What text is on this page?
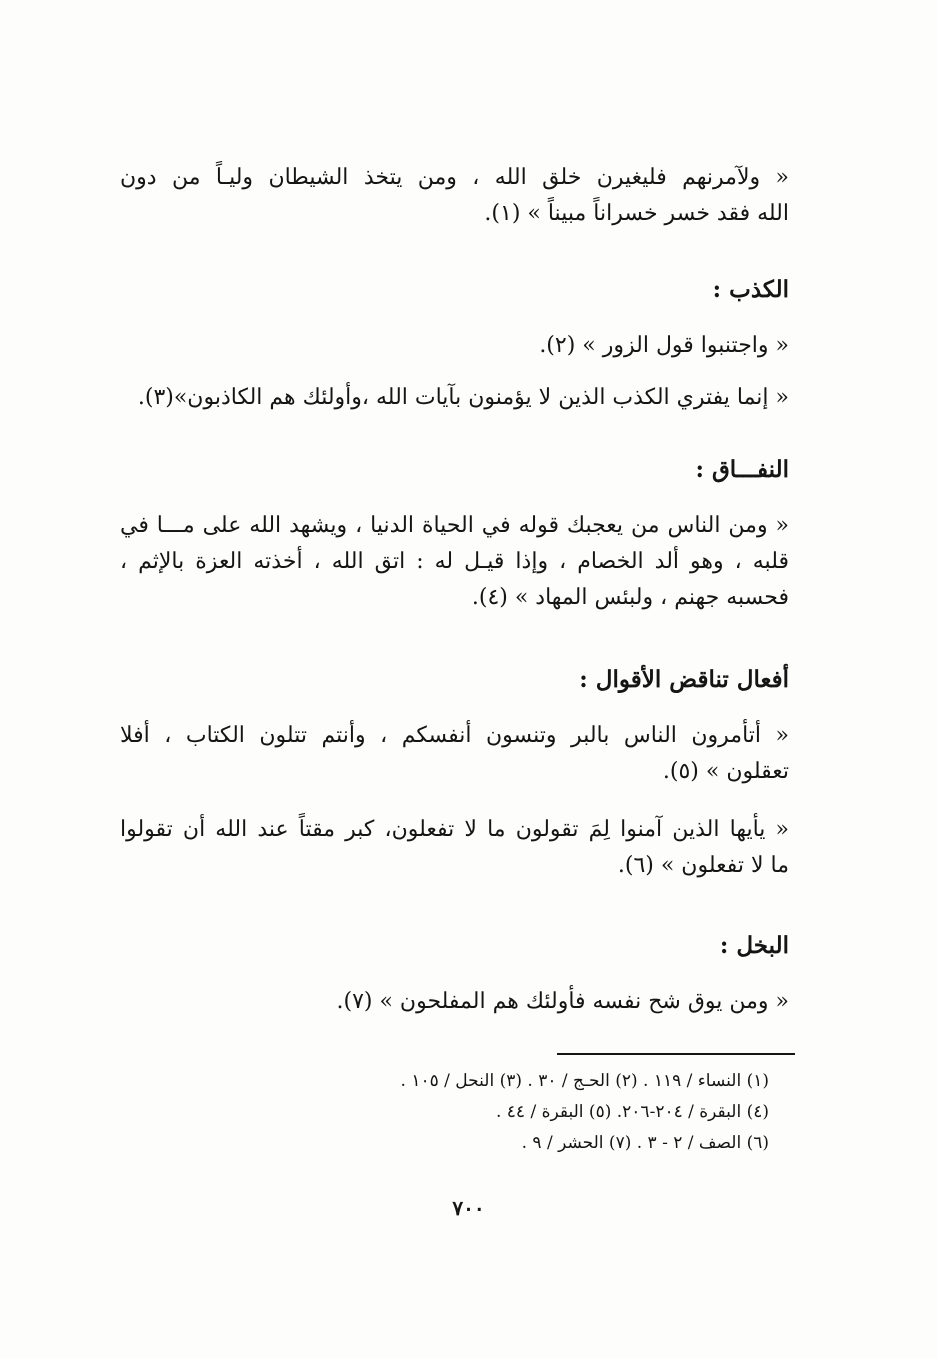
« ولآمرنهم فليغيرن خلق الله ، ومن يتخذ الشيطان وليـاً من دون
الله فقد خسر خسراناً مبيناً » (١).
الكذب :
« واجتنبوا قول الزور » (٢).
« إنما يفتري الكذب الذين لا يؤمنون بآيات الله ،وأولئك هم الكاذبون»(٣).
النفـــاق :
« ومن الناس من يعجبك قوله في الحياة الدنيا ، ويشهد الله على مـــا في
قلبه ، وهو ألد الخصام ، وإذا قيـل له : اتق الله ، أخذته العزة بالإثم ،
فحسبه جهنم ، ولبئس المهاد » (٤).
أفعال تناقض الأقوال :
« أتأمرون الناس بالبر وتنسون أنفسكم ، وأنتم تتلون الكتاب ، أفلا
تعقلون » (٥).
« يأيها الذين آمنوا لِمَ تقولون ما لا تفعلون، كبر مقتاً عند الله أن تقولوا
ما لا تفعلون » (٦).
البخل :
« ومن يوق شح نفسه فأولئك هم المفلحون » (٧).
(١) النساء / ١١٩ . (٢) الحـج / ٣٠ . (٣) النحل / ١٠٥ .
(٤) البقرة / ٢٠٤-٢٠٦. (٥) البقرة / ٤٤ .
(٦) الصف / ٢ - ٣ . (٧) الحشر / ٩ .
٧٠٠
